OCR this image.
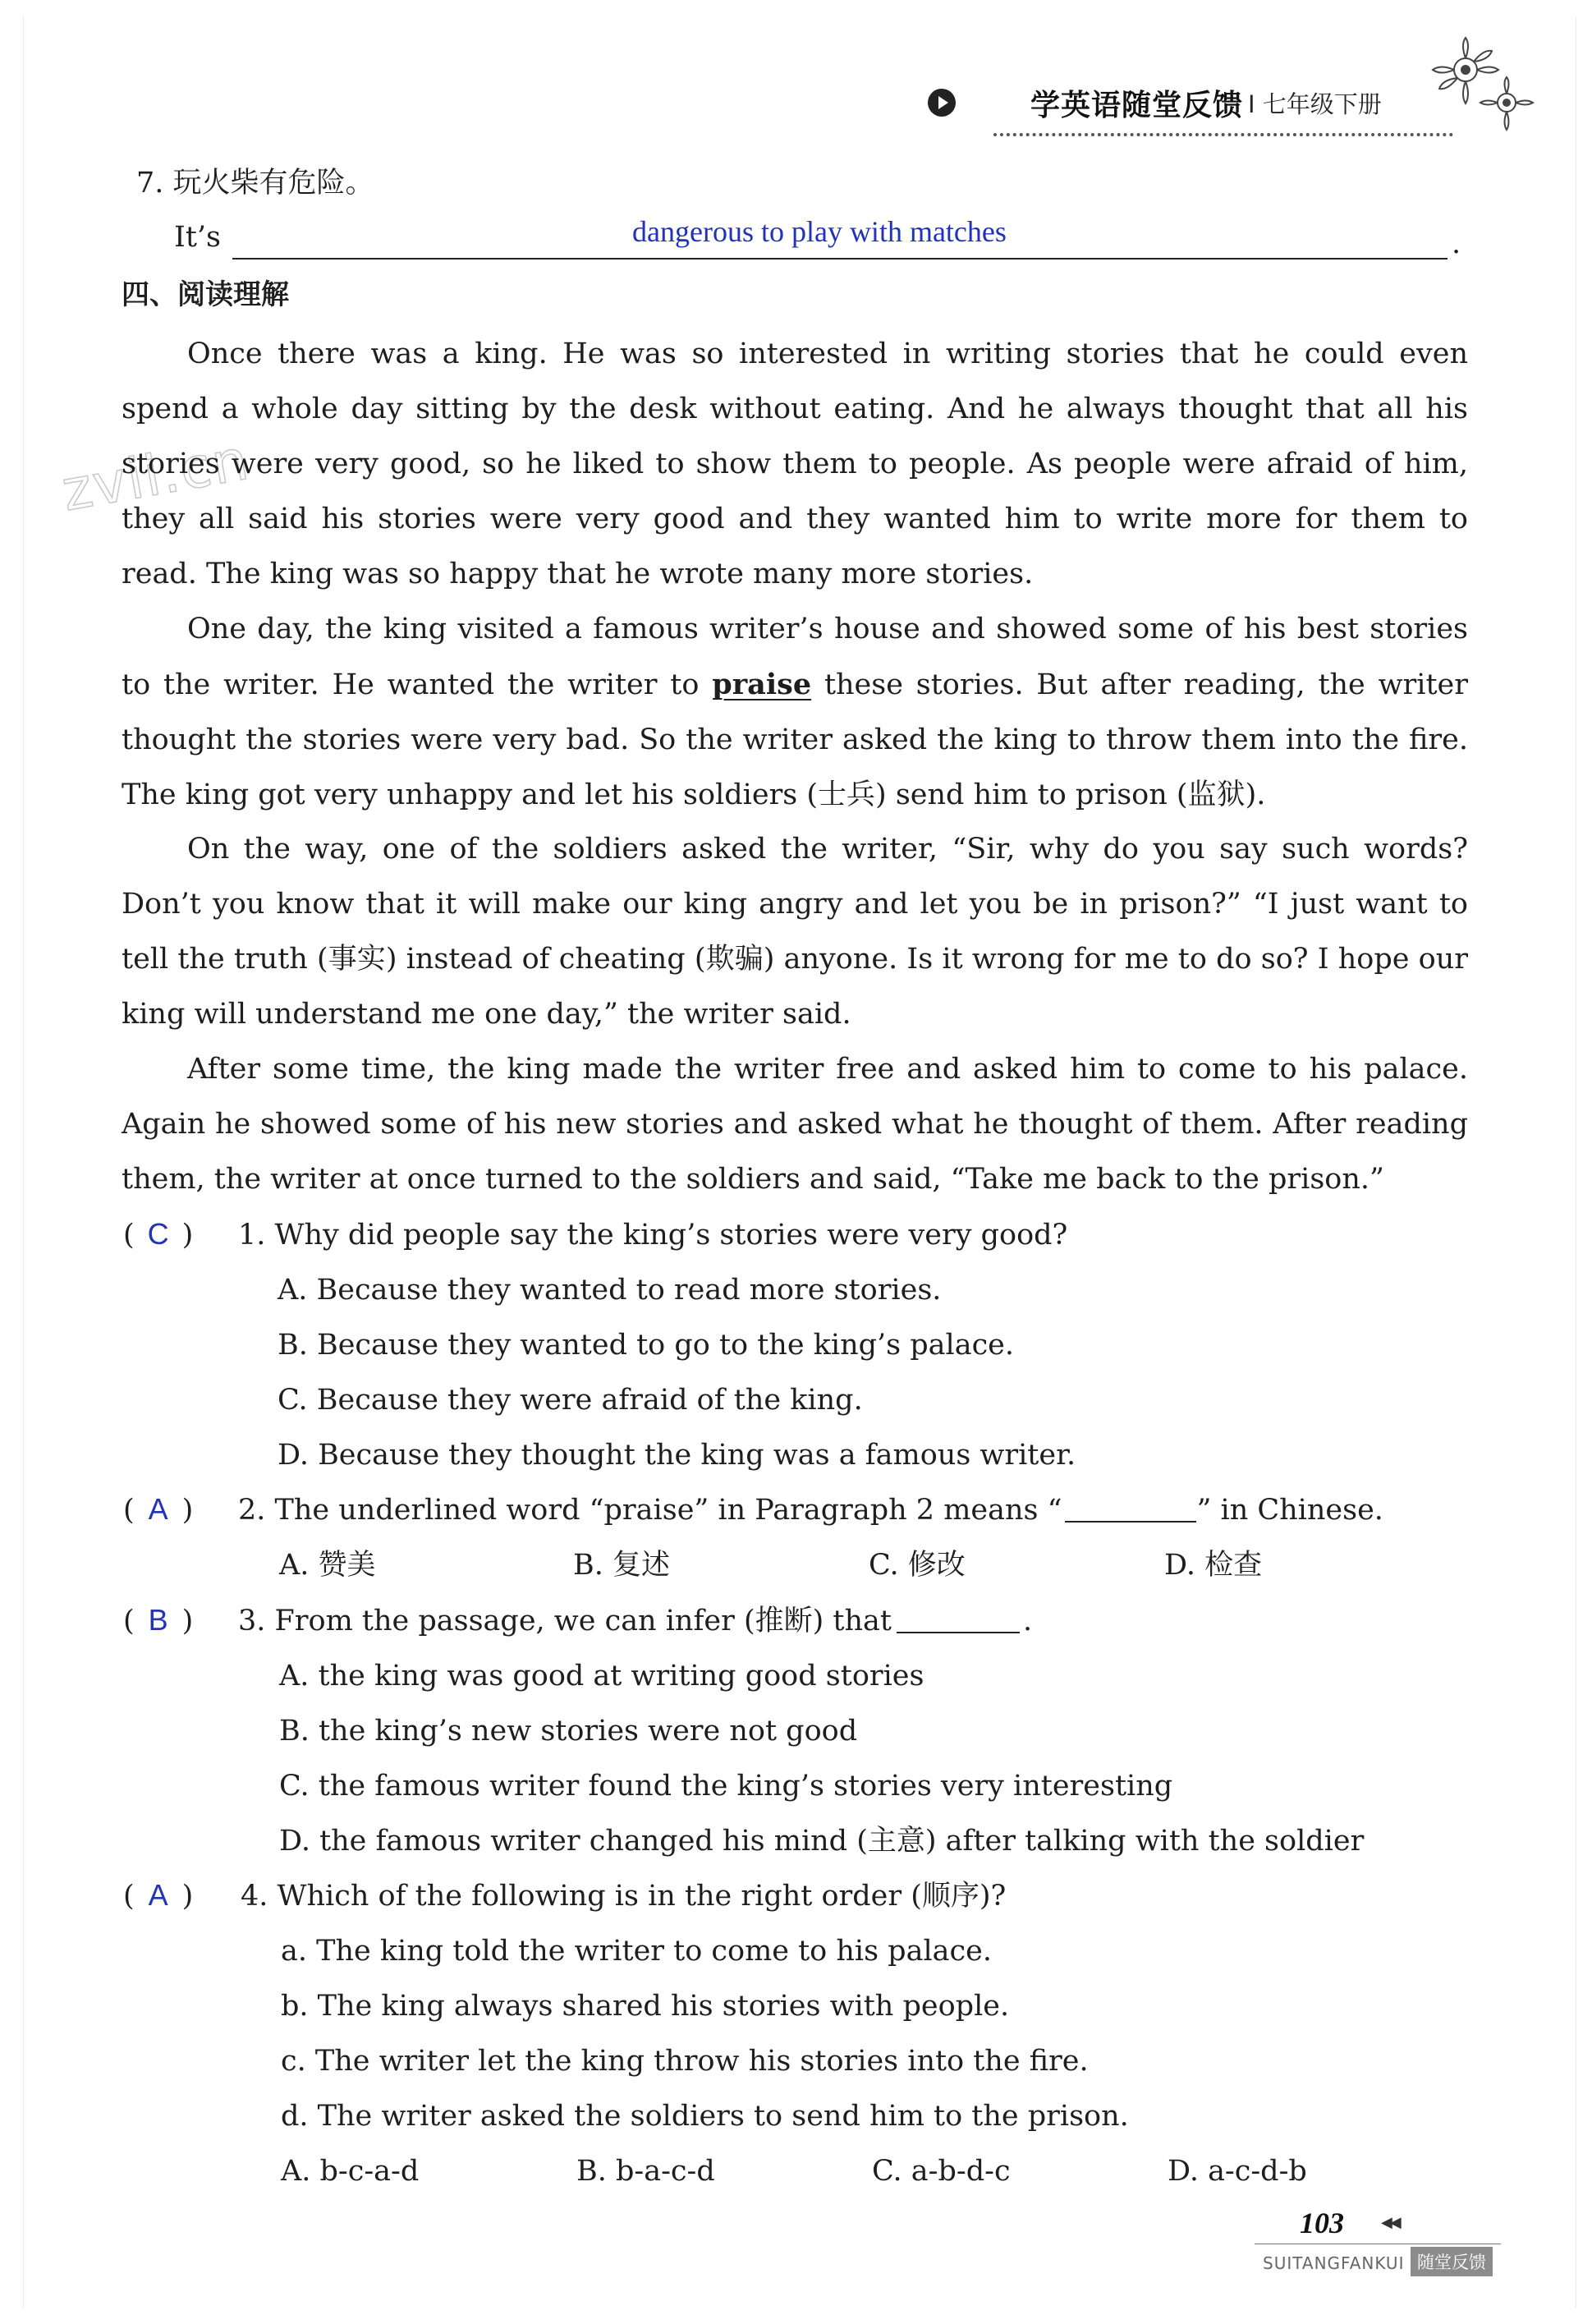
学英语随堂反馈 I 七年级下册
zvii.cn
7. 玩火柴有危险。
It’s	dangerous to play with matches	.
四、阅读理解
Once there was a king. He was so interested in writing stories that he could even spend a whole day sitting by the desk without eating. And he always thought that all his stories were very good, so he liked to show them to people. As people were afraid of him, they all said his stories were very good and they wanted him to write more for them to read. The king was so happy that he wrote many more stories.
One day, the king visited a famous writer’s house and showed some of his best stories to the writer. He wanted the writer to praise these stories. But after reading, the writer thought the stories were very bad. So the writer asked the king to throw them into the fire. The king got very unhappy and let his soldiers (士兵) send him to prison (监狱).
On the way, one of the soldiers asked the writer, “Sir, why do you say such words? Don’t you know that it will make our king angry and let you be in prison?” “I just want to tell the truth (事实) instead of cheating (欺骗) anyone. Is it wrong for me to do so? I hope our king will understand me one day,” the writer said.
After some time, the king made the writer free and asked him to come to his palace. Again he showed some of his new stories and asked what he thought of them. After reading them, the writer at once turned to the soldiers and said, “Take me back to the prison.”
( C ) 1. Why did people say the king’s stories were very good?
A. Because they wanted to read more stories.
B. Because they wanted to go to the king’s palace.
C. Because they were afraid of the king.
D. Because they thought the king was a famous writer.
( A ) 2. The underlined word “praise” in Paragraph 2 means “	” in Chinese.
A. 赞美	B. 复述	C. 修改	D. 检查
( B ) 3. From the passage, we can infer (推断) that	.
A. the king was good at writing good stories
B. the king’s new stories were not good
C. the famous writer found the king’s stories very interesting
D. the famous writer changed his mind (主意) after talking with the soldier
( A ) 4. Which of the following is in the right order (顺序)?
a. The king told the writer to come to his palace.
b. The king always shared his stories with people.
c. The writer let the king throw his stories into the fire.
d. The writer asked the soldiers to send him to the prison.
A. b-c-a-d	B. b-a-c-d	C. a-b-d-c	D. a-c-d-b
103	◀◀
SUITANGFANKUI 随堂反馈
